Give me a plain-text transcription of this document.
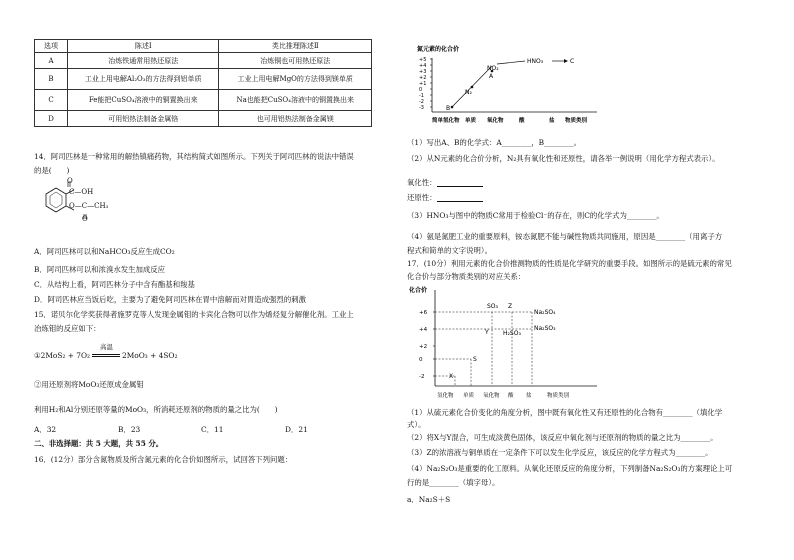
选项	陈述Ⅰ	类比推理陈述Ⅱ
A	冶炼铁通常用热还原法	冶炼铜也可用热还原法
B	工业上用电解Al₂O₃的方法得到铝单质	工业上用电解MgO的方法得到镁单质
C	Fe能把CuSO₄溶液中的铜置换出来	Na也能把CuSO₄溶液中的铜置换出来
D	可用铝热法制备金属铬	也可用铝热法制备金属镁
14．阿司匹林是一种常用的解热镇痛药物，其结构简式如图所示。下列关于阿司匹林的说法中错误
的是(　　)
O
C—OH
O—C—CH₃
O
A．阿司匹林可以和NaHCO₃反应生成CO₂
B．阿司匹林可以和浓溴水发生加成反应
C．从结构上看，阿司匹林分子中含有酯基和羧基
D．阿司匹林应当饭后吃，主要为了避免阿司匹林在胃中溶解而对胃造成强烈的刺激
15．诺贝尔化学奖获得者施罗克等人发现金属钼的卡宾化合物可以作为烯烃复分解催化剂。工业上
冶炼钼的反应如下：
①2MoS₂ + 7O₂
高温
2MoO₃ + 4SO₂
②用还原剂将MoO₃还原成金属钼
利用H₂和Al分别还原等量的MoO₃，所消耗还原剂的物质的量之比为(　　)
A．32	B．23	C．11	D．21
二、非选择题：共 5 大题，共 55 分。
16．(12分）部分含氮物质及所含氮元素的化合价如图所示，试回答下列问题：
氮元素的化合价
+5
+4
+3
+2
+1
0
-1
-2
-3
简单氢化物 单质 氧化物	酸	盐 物质类别
B
N₂
NO₂
A
HNO₃	C
（1）写出A、B的化学式：A________，B________。
（2）从N元素的化合价分析，N₂具有氧化性和还原性，请各举一例说明（用化学方程式表示）。
氧化性：
还原性：
（3）HNO₃与图中的物质C常用于检验Cl⁻的存在，则C的化学式为________。
（4）氨是氮肥工业的重要原料，铵态氮肥不能与碱性物质共同施用，原因是________（用离子方
程式和简单的文字说明）。
17．(10分）利用元素的化合价推测物质的性质是化学研究的重要手段。如图所示的是硫元素的常见
化合价与部分物质类别的对应关系：
化合价
+6
+4
+2
0
-2
氢化物 单质 氧化物 酸 盐	物质类别
SO₃ Z
Na₂SO₄
Y H₂SO₃
Na₂SO₃
S
X
（1）从硫元素化合价变化的角度分析，图中既有氧化性又有还原性的化合物有________（填化学
式）。
（2）将X与Y混合，可生成淡黄色固体，该反应中氧化剂与还原剂的物质的量之比为________。
（3）Z的浓溶液与铜单质在一定条件下可以发生化学反应，该反应的化学方程式为________。
（4）Na₂S₂O₃是重要的化工原料。从氧化还原反应的角度分析，下列制备Na₂S₂O₃的方案理论上可
行的是________（填字母）。
a．Na₂S＋S
